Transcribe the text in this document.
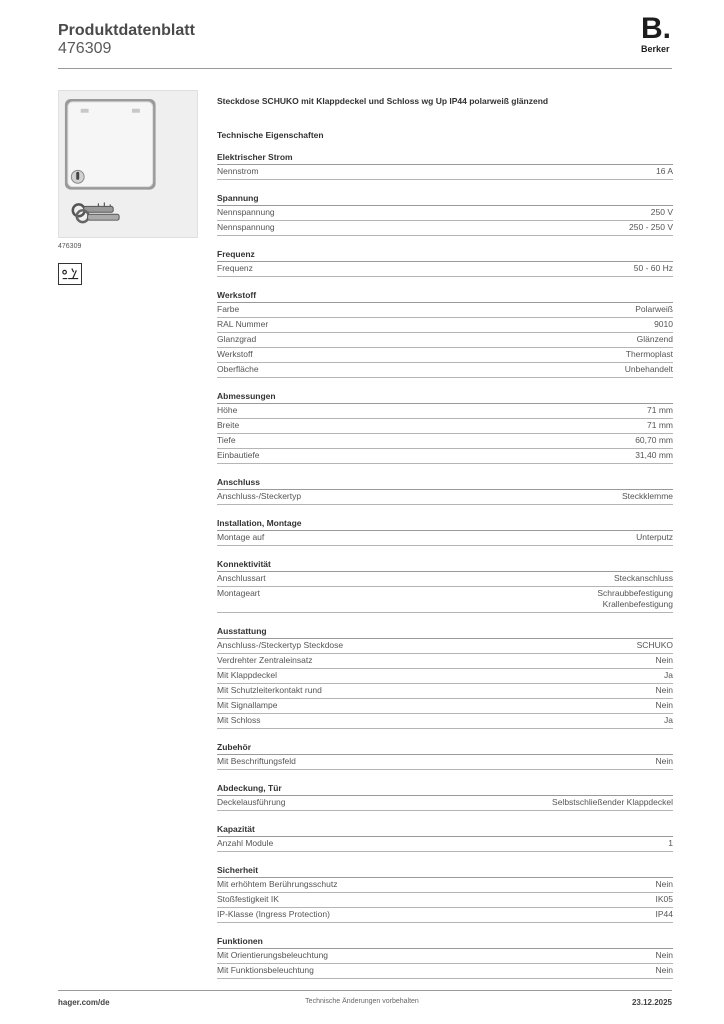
Produktdatenblatt
476309
B.
Berker
476309
Steckdose SCHUKO mit Klappdeckel und Schloss wg Up IP44 polarweiß glänzend
Technische Eigenschaften
Elektrischer Strom
Nennstrom	16 A
Spannung
Nennspannung	250 V
Nennspannung	250 - 250 V
Frequenz
Frequenz	50 - 60 Hz
Werkstoff
Farbe	Polarweiß
RAL Nummer	9010
Glanzgrad	Glänzend
Werkstoff	Thermoplast
Oberfläche	Unbehandelt
Abmessungen
Höhe	71 mm
Breite	71 mm
Tiefe	60,70 mm
Einbautiefe	31,40 mm
Anschluss
Anschluss-/Steckertyp	Steckklemme
Installation, Montage
Montage auf	Unterputz
Konnektivität
Anschlussart	Steckanschluss
Montageart	Schraubbefestigung
Krallenbefestigung
Ausstattung
Anschluss-/Steckertyp Steckdose	SCHUKO
Verdrehter Zentraleinsatz	Nein
Mit Klappdeckel	Ja
Mit Schutzleiterkontakt rund	Nein
Mit Signallampe	Nein
Mit Schloss	Ja
Zubehör
Mit Beschriftungsfeld	Nein
Abdeckung, Tür
Deckelausführung	Selbstschließender Klappdeckel
Kapazität
Anzahl Module	1
Sicherheit
Mit erhöhtem Berührungsschutz	Nein
Stoßfestigkeit IK	IK05
IP-Klasse (Ingress Protection)	IP44
Funktionen
Mit Orientierungsbeleuchtung	Nein
Mit Funktionsbeleuchtung	Nein
hager.com/de	Technische Änderungen vorbehalten	23.12.2025
